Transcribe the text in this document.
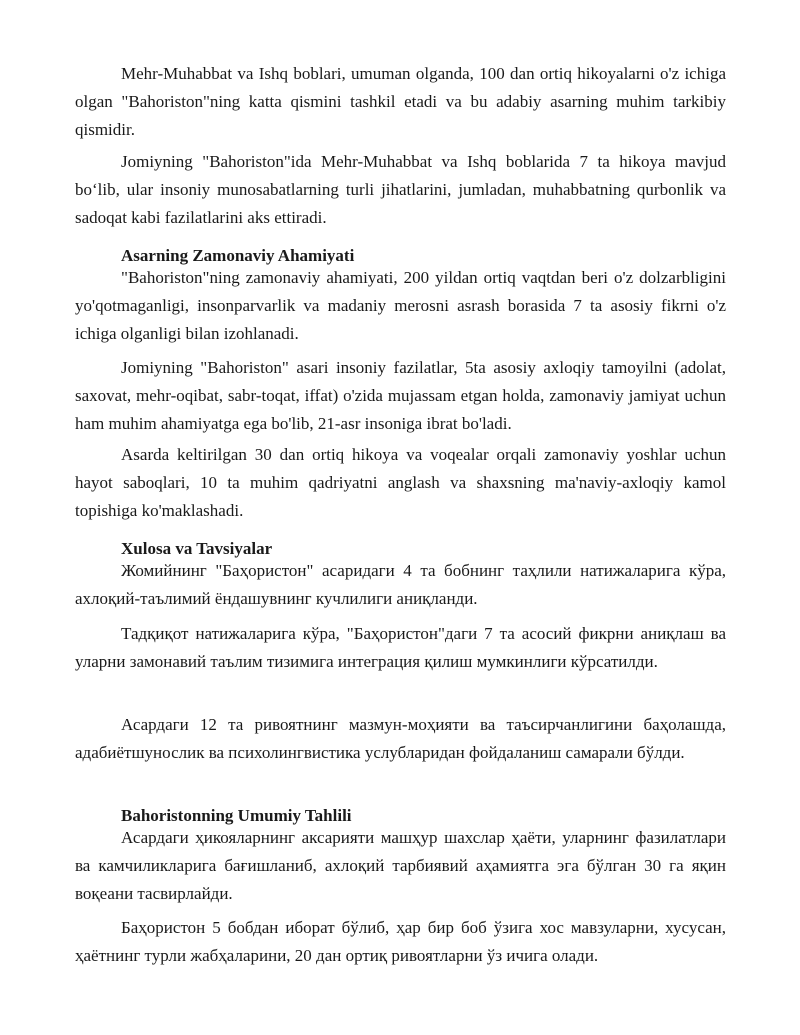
Mehr-Muhabbat va Ishq boblari, umuman olganda, 100 dan ortiq hikoyalarni o'z ichiga olgan "Bahoriston"ning katta qismini tashkil etadi va bu adabiy asarning muhim tarkibiy qismidir.

Jomiyning "Bahoriston"ida Mehr-Muhabbat va Ishq boblarida 7 ta hikoya mavjud bo‘lib, ular insoniy munosabatlarning turli jihatlarini, jumladan, muhabbatning qurbonlik va sadoqat kabi fazilatlarini aks ettiradi.

Asarning Zamonaviy Ahamiyati

"Bahoriston"ning zamonaviy ahamiyati, 200 yildan ortiq vaqtdan beri o'z dolzarbligini yo'qotmaganligi, insonparvarlik va madaniy merosni asrash borasida 7 ta asosiy fikrni o'z ichiga olganligi bilan izohlanadi.

Jomiyning "Bahoriston" asari insoniy fazilatlar, 5ta asosiy axloqiy tamoyilni (adolat, saxovat, mehr-oqibat, sabr-toqat, iffat) o'zida mujassam etgan holda, zamonaviy jamiyat uchun ham muhim ahamiyatga ega bo'lib, 21-asr insoniga ibrat bo'ladi.

Asarda keltirilgan 30 dan ortiq hikoya va voqealar orqali zamonaviy yoshlar uchun hayot saboqlari, 10 ta muhim qadriyatni anglash va shaxsning ma'naviy-axloqiy kamol topishiga ko'maklashadi.

Xulosa va Tavsiyalar

Жомийнинг "Баҳористон" асаридаги 4 та бобнинг таҳлили натижаларига кўра, ахлоқий-таълимий ёндашувнинг кучлилиги аниқланди.

Тадқиқот натижаларига кўра, "Баҳористон"даги 7 та асосий фикрни аниқлаш ва уларни замонавий таълим тизимига интеграция қилиш мумкинлиги кўрсатилди.

Асардаги 12 та ривоятнинг мазмун-моҳияти ва таъсирчанлигини баҳолашда, адабиётшунослик ва психолингвистика услубларидан фойдаланиш самарали бўлди.

Bahoristonning Umumiy Tahlili

Асардаги ҳикояларнинг аксарияти машҳур шахслар ҳаёти, уларнинг фазилатлари ва камчиликларига бағишланиб, ахлоқий тарбиявий аҳамиятга эга бўлган 30 га яқин воқеани тасвирлайди.

Баҳористон 5 бобдан иборат бўлиб, ҳар бир боб ўзига хос мавзуларни, хусусан, ҳаётнинг турли жабҳаларини, 20 дан ортиқ ривоятларни ўз ичига олади.
